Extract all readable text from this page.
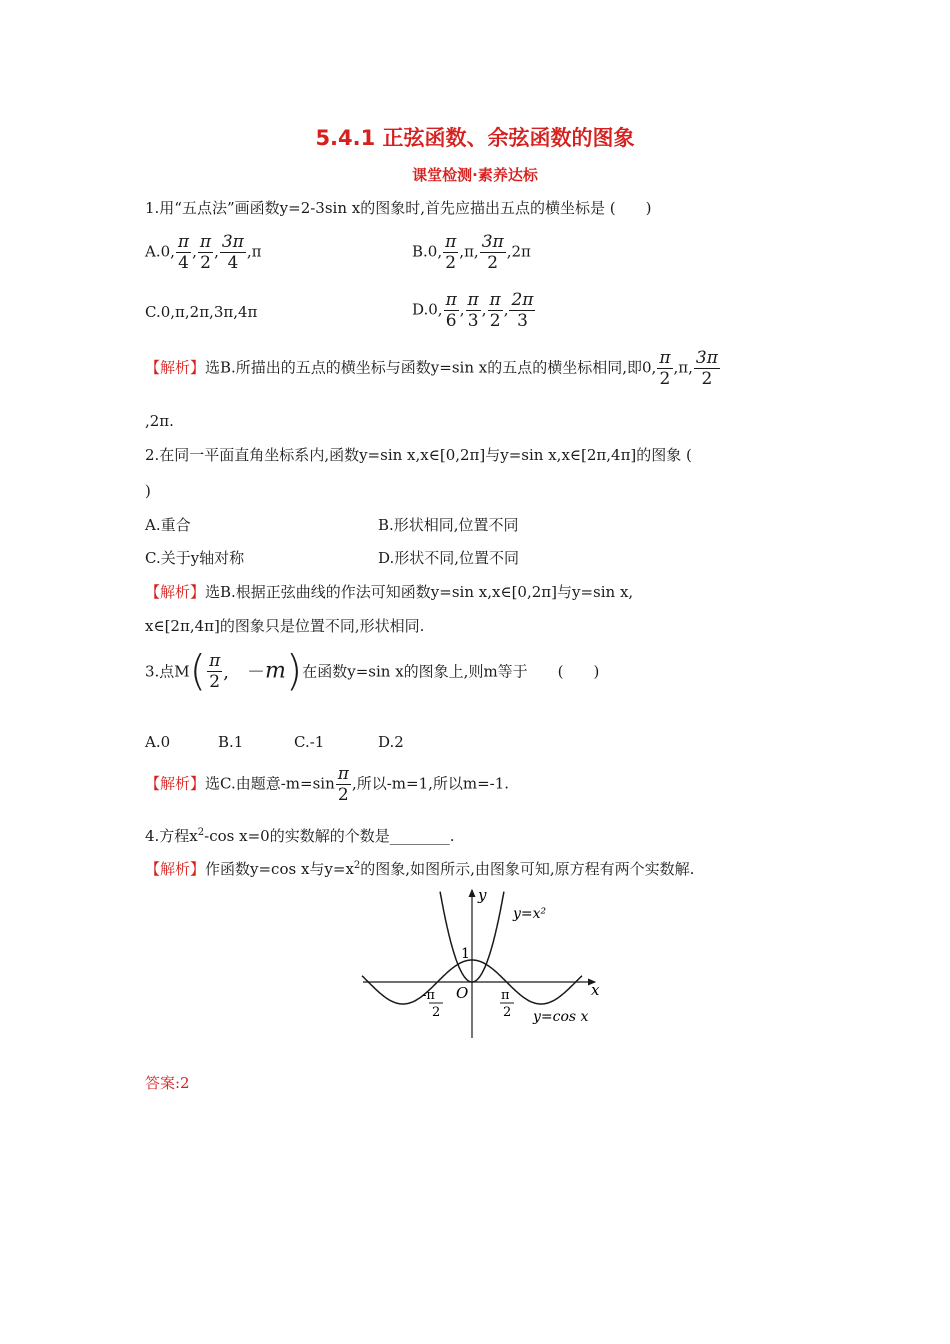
5.4.1 正弦函数、余弦函数的图象
课堂检测·素养达标
1.用“五点法”画函数y=2-3sin x的图象时,首先应描出五点的横坐标是 (　　)
A.0, $\frac{\pi}{4}$ , $\frac{\pi}{2}$ , $\frac{3\pi}{4} ,\pi$	B.0, $\frac{\pi}{2} ,\pi$, $\frac{3\pi}{2} ,2\pi$
C.0,π,2π,3π,4π	D.0, $\frac{\pi}{6}$ , $\frac{\pi}{3}$ , $\frac{\pi}{2}$ , $\frac{2\pi}{3}$
【解析】选B.所描出的五点的横坐标与函数y=sin x的五点的横坐标相同,即0, $\frac{\pi}{2} ,\pi$, $\frac{3\pi}{2}$
,2π.
2.在同一平面直角坐标系内,函数y=sin x,x∈[0,2π]与y=sin x,x∈[2π,4π]的图象 (
)
A.重合	B.形状相同,位置不同
C.关于y轴对称	D.形状不同,位置不同
【解析】选B.根据正弦曲线的作法可知函数y=sin x,x∈[0,2π]与y=sin x,
x∈[2π,4π]的图象只是位置不同,形状相同.
3.点$M( \frac{\pi}{2}$ ,　－m)在函数y=sin x的图象上,则m等于　　(　　)
A.0	B.1	C.-1	D.2
【解析】选C.由题意$-m=\sin \frac{\pi}{2}$ ,所以-m=1,所以m=-1.
4.方程$x^2-\cos$ x=0的实数解的个数是________.
【解析】作函数y=cos x与$y=x^2$的图象,如图所示,由图象可知,原方程有两个实数解.
y
x
O
1
-π
2
π
2
y=x²
y=cos x
答案:2
